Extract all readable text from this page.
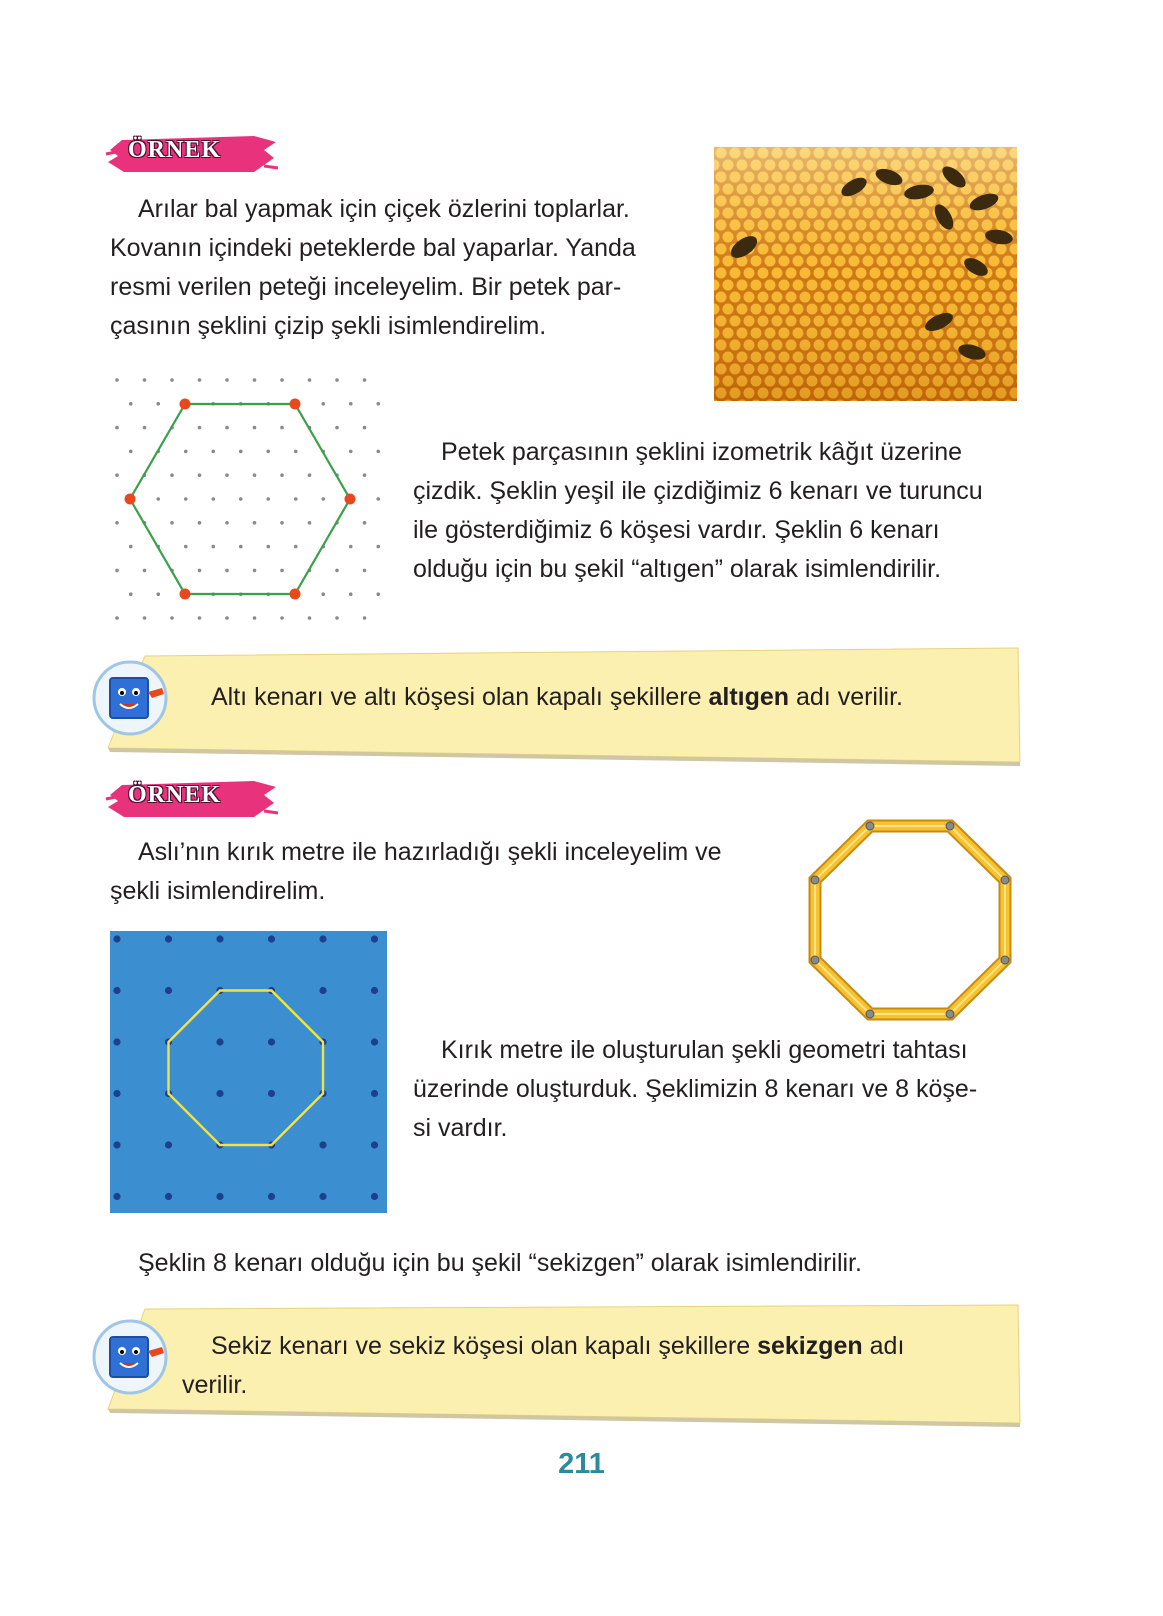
ÖRNEK

Arılar bal yapmak için çiçek özlerini toplarlar.

Kovanın içindeki peteklerde bal yaparlar. Yanda

resmi verilen peteği inceleyelim. Bir petek par-

çasının şeklini çizip şekli isimlendirelim.

Petek parçasının şeklini izometrik kâğıt üzerine

çizdik. Şeklin yeşil ile çizdiğimiz 6 kenarı ve turuncu

ile gösterdiğimiz 6 köşesi vardır. Şeklin 6 kenarı

olduğu için bu şekil “altıgen” olarak isimlendirilir.

Altı kenarı ve altı köşesi olan kapalı şekillere altıgen adı verilir.
ÖRNEK

Aslı’nın kırık metre ile hazırladığı şekli inceleyelim ve

şekli isimlendirelim.

Kırık metre ile oluşturulan şekli geometri tahtası

üzerinde oluşturduk. Şeklimizin 8 kenarı ve 8 köşe-

si vardır.

Şeklin 8 kenarı olduğu için bu şekil “sekizgen” olarak isimlendirilir.

Sekiz kenarı ve sekiz köşesi olan kapalı şekillere sekizgen adı
verilir.
211
